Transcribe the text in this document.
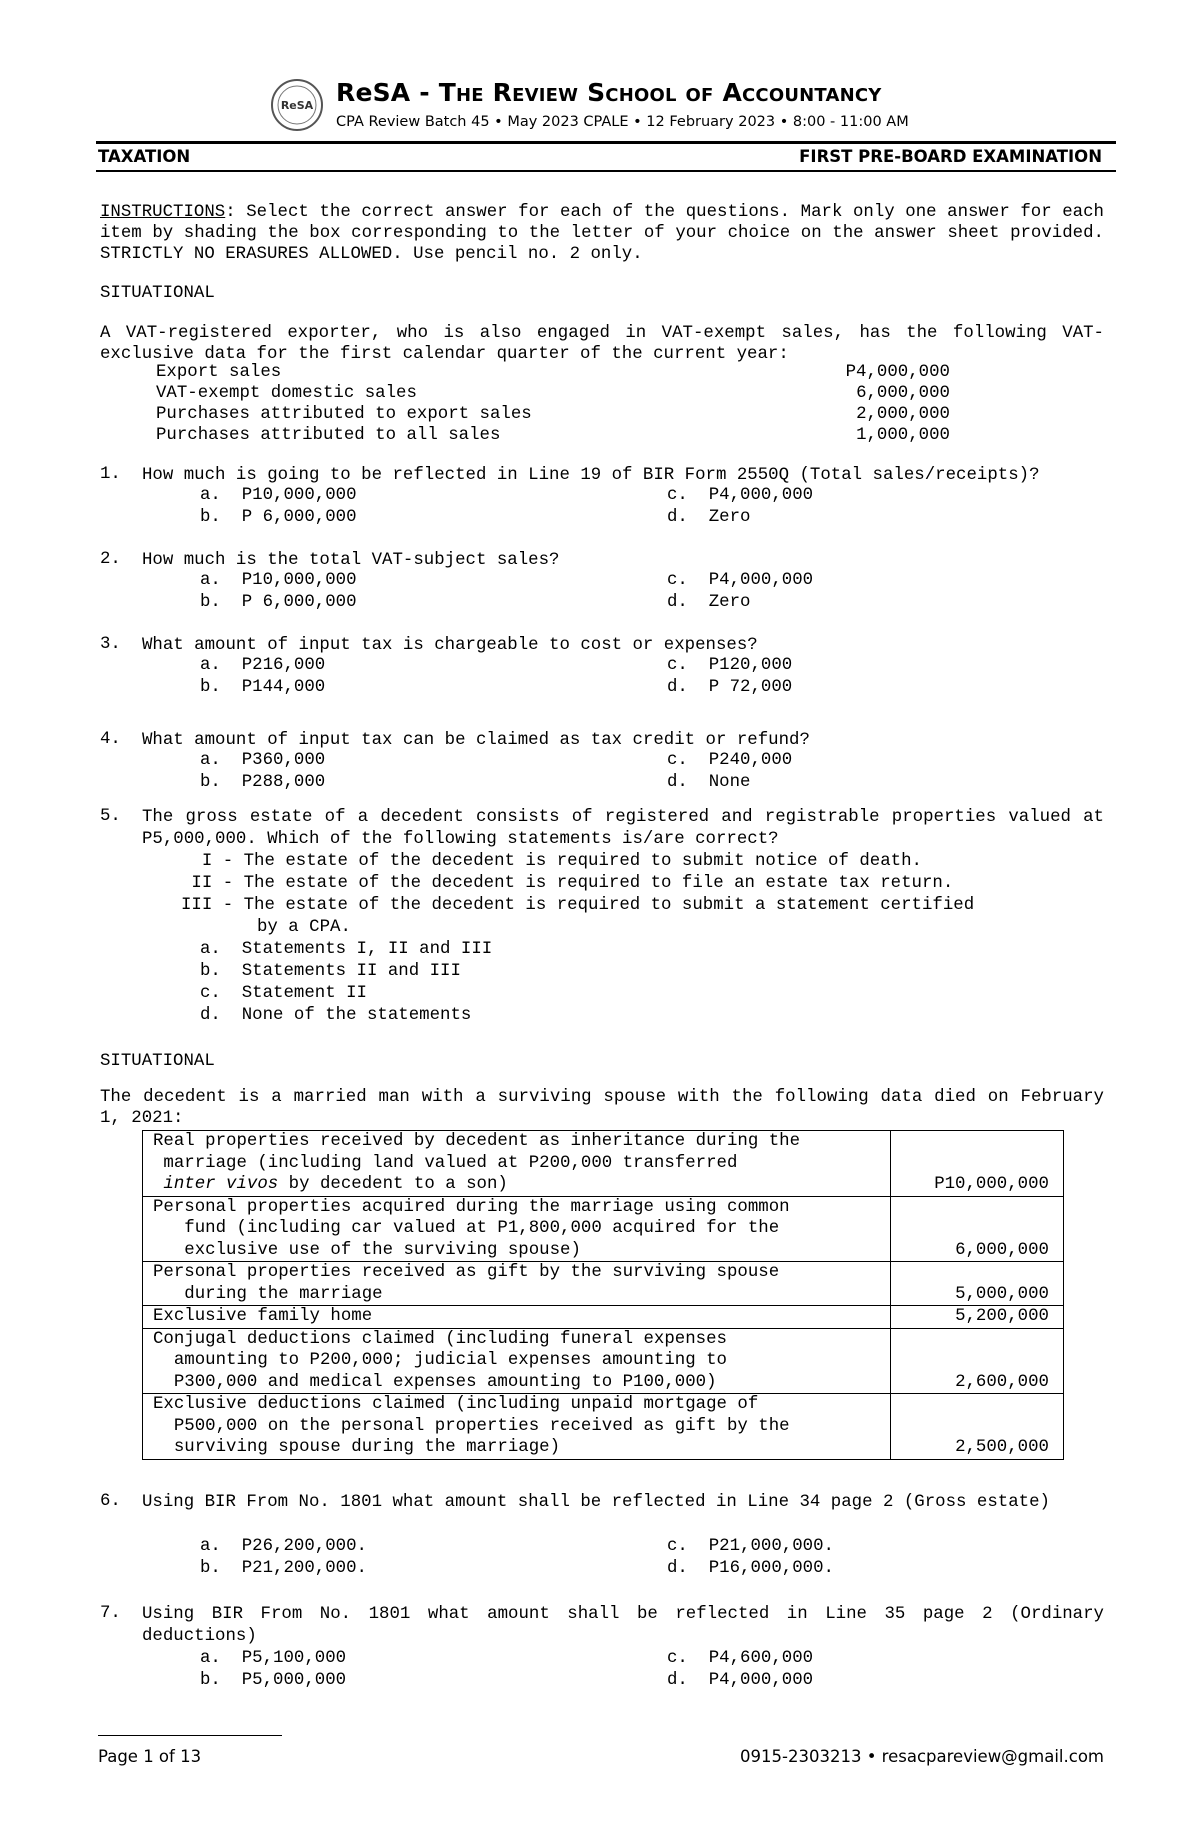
ReSA ReSA - The Review School of Accountancy
CPA Review Batch 45 • May 2023 CPALE • 12 February 2023 • 8:00 - 11:00 AM
TAXATION	FIRST PRE-BOARD EXAMINATION
INSTRUCTIONS: Select the correct answer for each of the questions. Mark only one answer for each item by shading the box corresponding to the letter of your choice on the answer sheet provided. STRICTLY NO ERASURES ALLOWED. Use pencil no. 2 only.
SITUATIONAL
A VAT-registered exporter, who is also engaged in VAT-exempt sales, has the following VAT-exclusive data for the first calendar quarter of the current year:
Export sales	P4,000,000
VAT-exempt domestic sales	6,000,000
Purchases attributed to export sales	2,000,000
Purchases attributed to all sales	1,000,000
1. How much is going to be reflected in Line 19 of BIR Form 2550Q (Total sales/receipts)?
a.  P10,000,000
b.  P 6,000,000
c.  P4,000,000
d.  Zero
2. How much is the total VAT-subject sales?
a.  P10,000,000
b.  P 6,000,000
c.  P4,000,000
d.  Zero
3. What amount of input tax is chargeable to cost or expenses?
a.  P216,000
b.  P144,000
c.  P120,000
d.  P 72,000
4. What amount of input tax can be claimed as tax credit or refund?
a.  P360,000
b.  P288,000
c.  P240,000
d.  None
5. The gross estate of a decedent consists of registered and registrable properties valued at P5,000,000. Which of the following statements is/are correct?
I - The estate of the decedent is required to submit notice of death.
II - The estate of the decedent is required to file an estate tax return.
III - The estate of the decedent is required to submit a statement certified
by a CPA.
a.  Statements I, II and III
b.  Statements II and III
c.  Statement II
d.  None of the statements
SITUATIONAL
The decedent is a married man with a surviving spouse with the following data died on February 1, 2021:
Real properties received by decedent as inheritance during the
marriage (including land valued at P200,000 transferred
inter vivos by decedent to a son)	P10,000,000

Personal properties acquired during the marriage using common
fund (including car valued at P1,800,000 acquired for the
exclusive use of the surviving spouse)	6,000,000

Personal properties received as gift by the surviving spouse
during the marriage	5,000,000

Exclusive family home	5,200,000

Conjugal deductions claimed (including funeral expenses
amounting to P200,000; judicial expenses amounting to
P300,000 and medical expenses amounting to P100,000)	2,600,000

Exclusive deductions claimed (including unpaid mortgage of
P500,000 on the personal properties received as gift by the
surviving spouse during the marriage)	2,500,000
6. Using BIR From No. 1801 what amount shall be reflected in Line 34 page 2 (Gross estate)
a.  P26,200,000.
b.  P21,200,000.
c.  P21,000,000.
d.  P16,000,000.
7. Using BIR From No. 1801 what amount shall be reflected in Line 35 page 2 (Ordinary deductions)
a.  P5,100,000
b.  P5,000,000
c.  P4,600,000
d.  P4,000,000
Page 1 of 13	0915-2303213 • resacpareview@gmail.com
